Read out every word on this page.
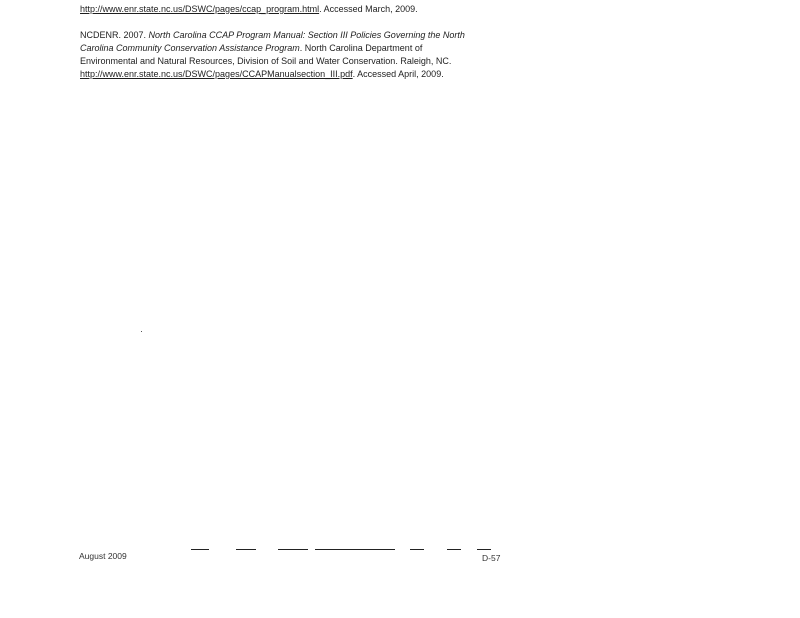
http://www.enr.state.nc.us/DSWC/pages/ccap_program.html. Accessed March, 2009.
NCDENR. 2007. North Carolina CCAP Program Manual: Section III Policies Governing the North
Carolina Community Conservation Assistance Program. North Carolina Department of
Environmental and Natural Resources, Division of Soil and Water Conservation. Raleigh, NC.
http://www.enr.state.nc.us/DSWC/pages/CCAPManualsection_III.pdf. Accessed April, 2009.
August 2009	D-57
